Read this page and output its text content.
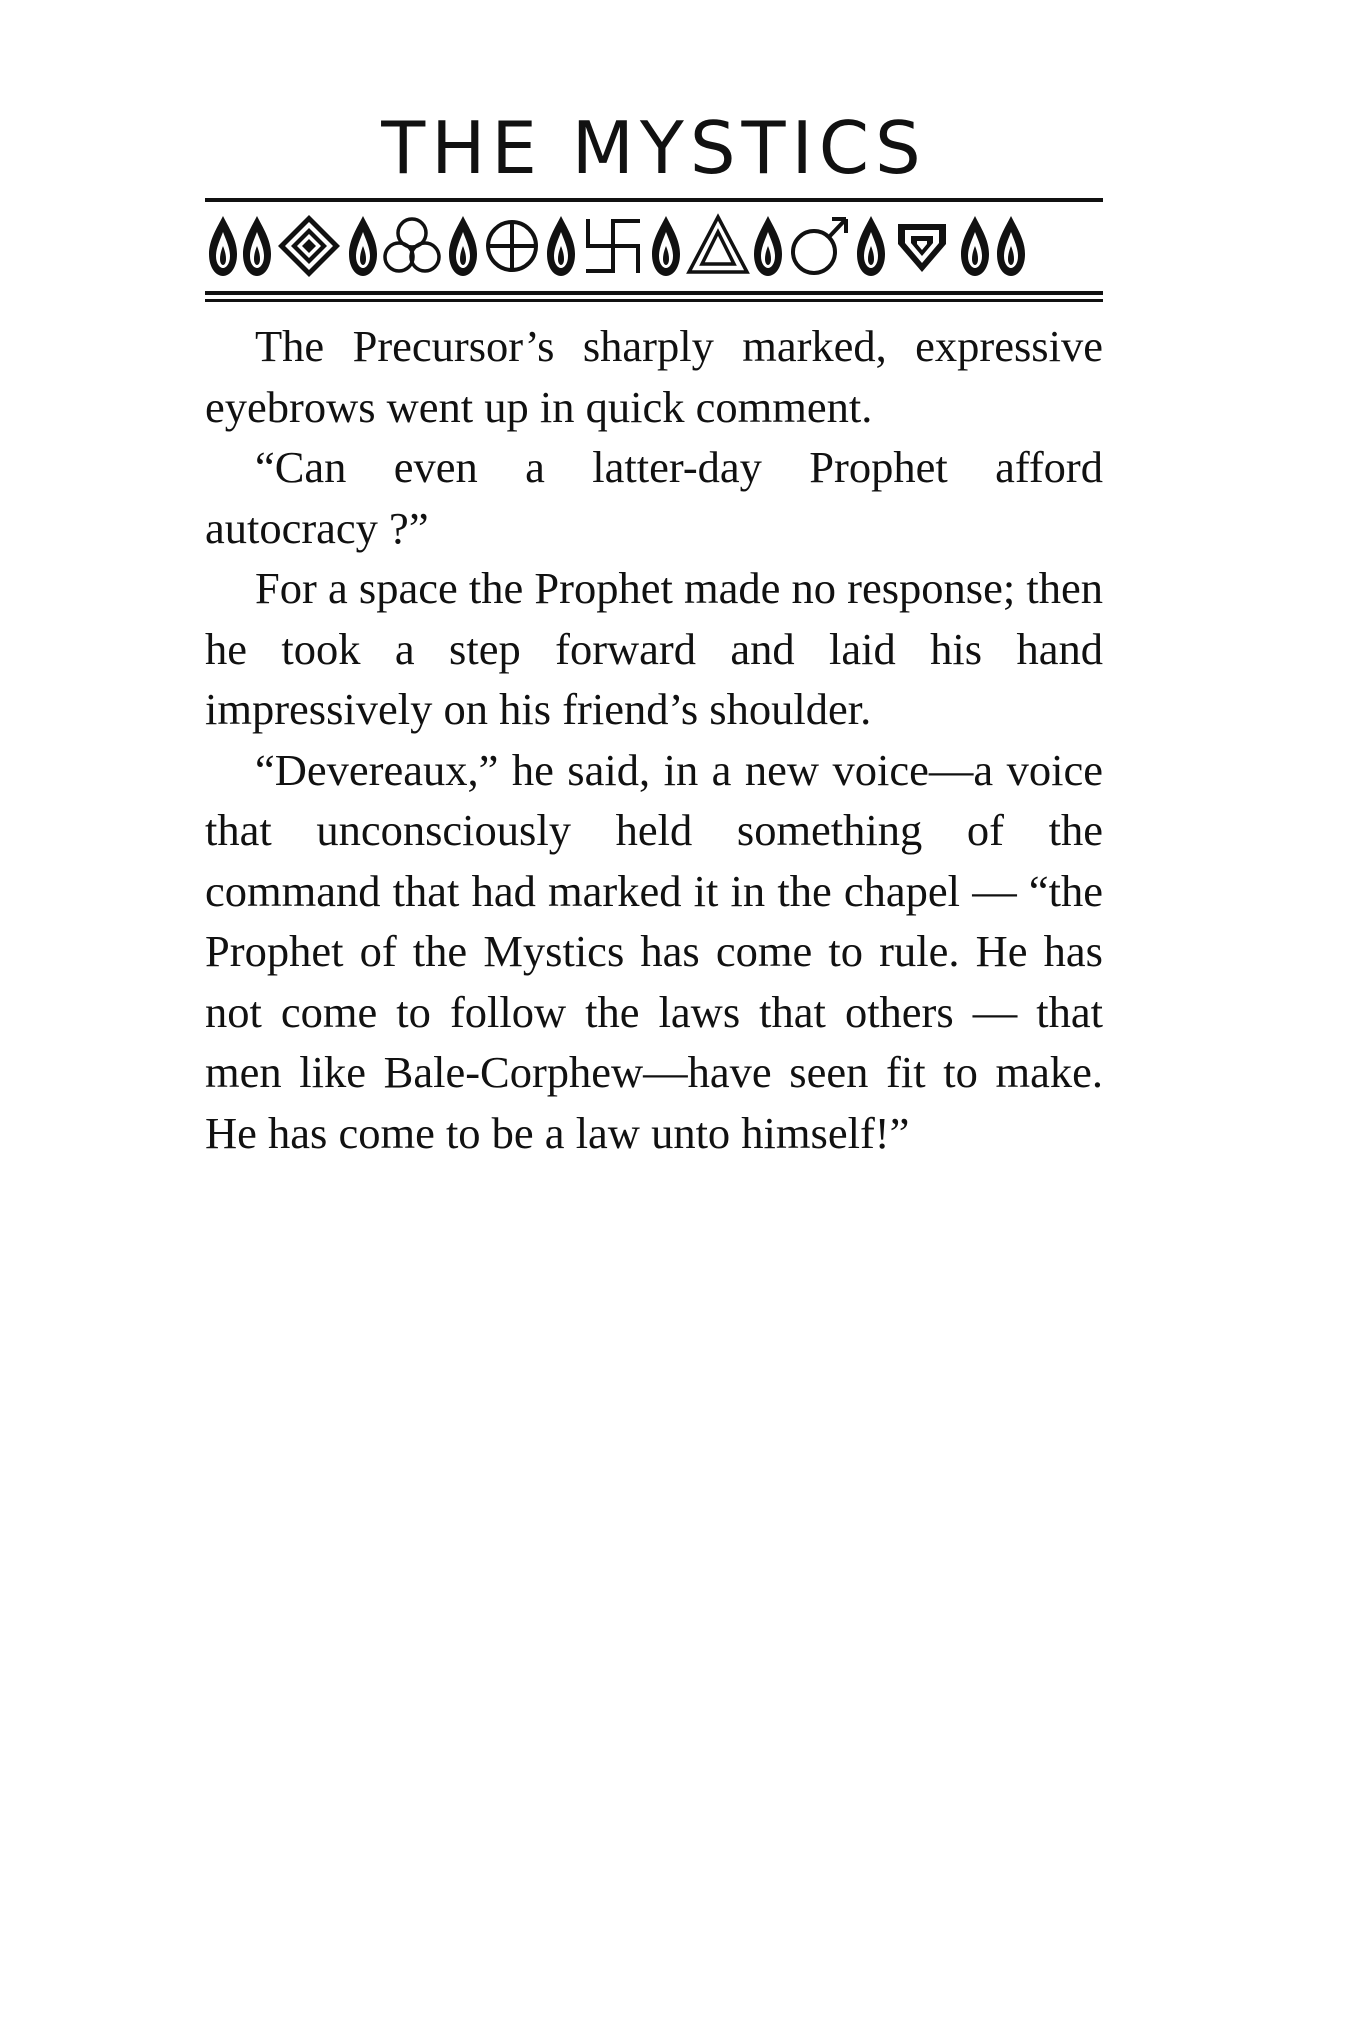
THE MYSTICS

The Precursor’s sharply marked, expressive eyebrows went up in quick comment.

“Can even a latter-day Prophet afford autocracy ?”

For a space the Prophet made no response; then he took a step forward and laid his hand impressively on his friend’s shoulder.

“Devereaux,” he said, in a new voice—a voice that unconsciously held something of the command that had marked it in the chapel — “the Prophet of the Mystics has come to rule. He has not come to follow the laws that others — that men like Bale-Corphew—have seen fit to make. He has come to be a law unto himself!”
